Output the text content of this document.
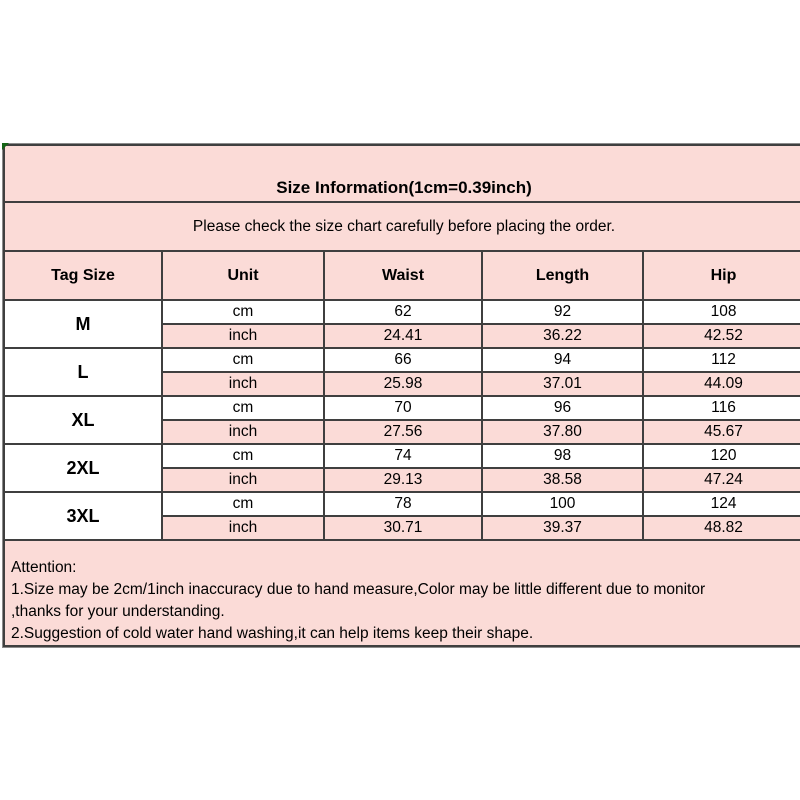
Size Information(1cm=0.39inch)				
Please check the size chart carefully before placing the order.				
Tag Size	Unit	Waist	Length	Hip
M	cm	62	92	108
	inch	24.41	36.22	42.52
L	cm	66	94	112
	inch	25.98	37.01	44.09
XL	cm	70	96	116
	inch	27.56	37.80	45.67
2XL	cm	74	98	120
	inch	29.13	38.58	47.24
3XL	cm	78	100	124
	inch	30.71	39.37	48.82

Attention:
1.Size may be 2cm/1inch inaccuracy due to hand measure,Color may be little different due to monitor
,thanks for your understanding.
2.Suggestion of cold water hand washing,it can help items keep their shape.				
